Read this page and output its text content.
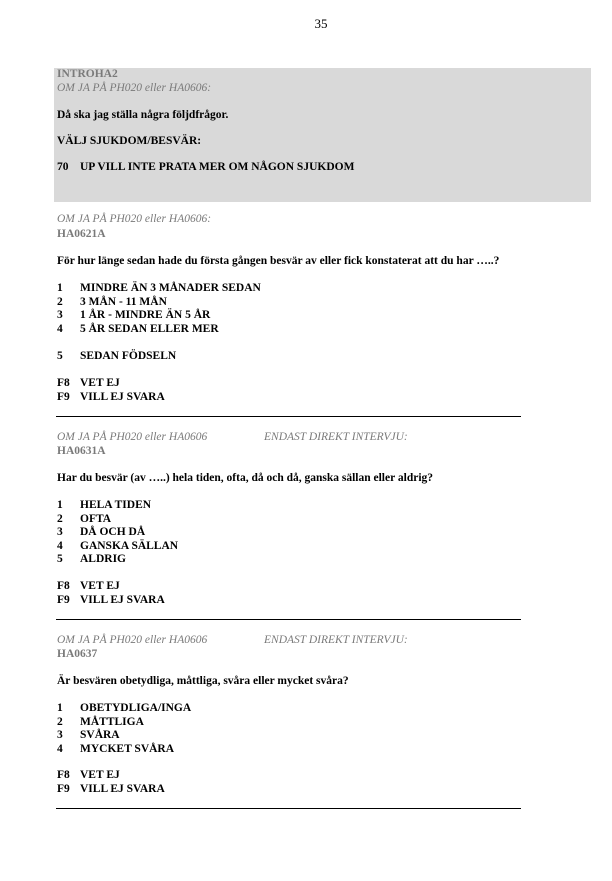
35
INTROHA2
OM JA PÅ PH020 eller HA0606:
Då ska jag ställa några följdfrågor.
VÄLJ SJUKDOM/BESVÄR:
70 UP VILL INTE PRATA MER OM NÅGON SJUKDOM
OM JA PÅ PH020 eller HA0606:
HA0621A
För hur länge sedan hade du första gången besvär av eller fick konstaterat att du har …..?
1 MINDRE ÄN 3 MÅNADER SEDAN
2 3 MÅN - 11 MÅN
3 1 ÅR - MINDRE ÄN 5 ÅR
4 5 ÅR SEDAN ELLER MER
5 SEDAN FÖDSELN
F8 VET EJ
F9 VILL EJ SVARA
OM JA PÅ PH020 eller HA0606	ENDAST DIREKT INTERVJU:
HA0631A
Har du besvär (av …..) hela tiden, ofta, då och då, ganska sällan eller aldrig?
1 HELA TIDEN
2 OFTA
3 DÅ OCH DÅ
4 GANSKA SÄLLAN
5 ALDRIG
F8 VET EJ
F9 VILL EJ SVARA
OM JA PÅ PH020 eller HA0606	ENDAST DIREKT INTERVJU:
HA0637
Är besvären obetydliga, måttliga, svåra eller mycket svåra?
1 OBETYDLIGA/INGA
2 MÅTTLIGA
3 SVÅRA
4 MYCKET SVÅRA
F8 VET EJ
F9 VILL EJ SVARA
